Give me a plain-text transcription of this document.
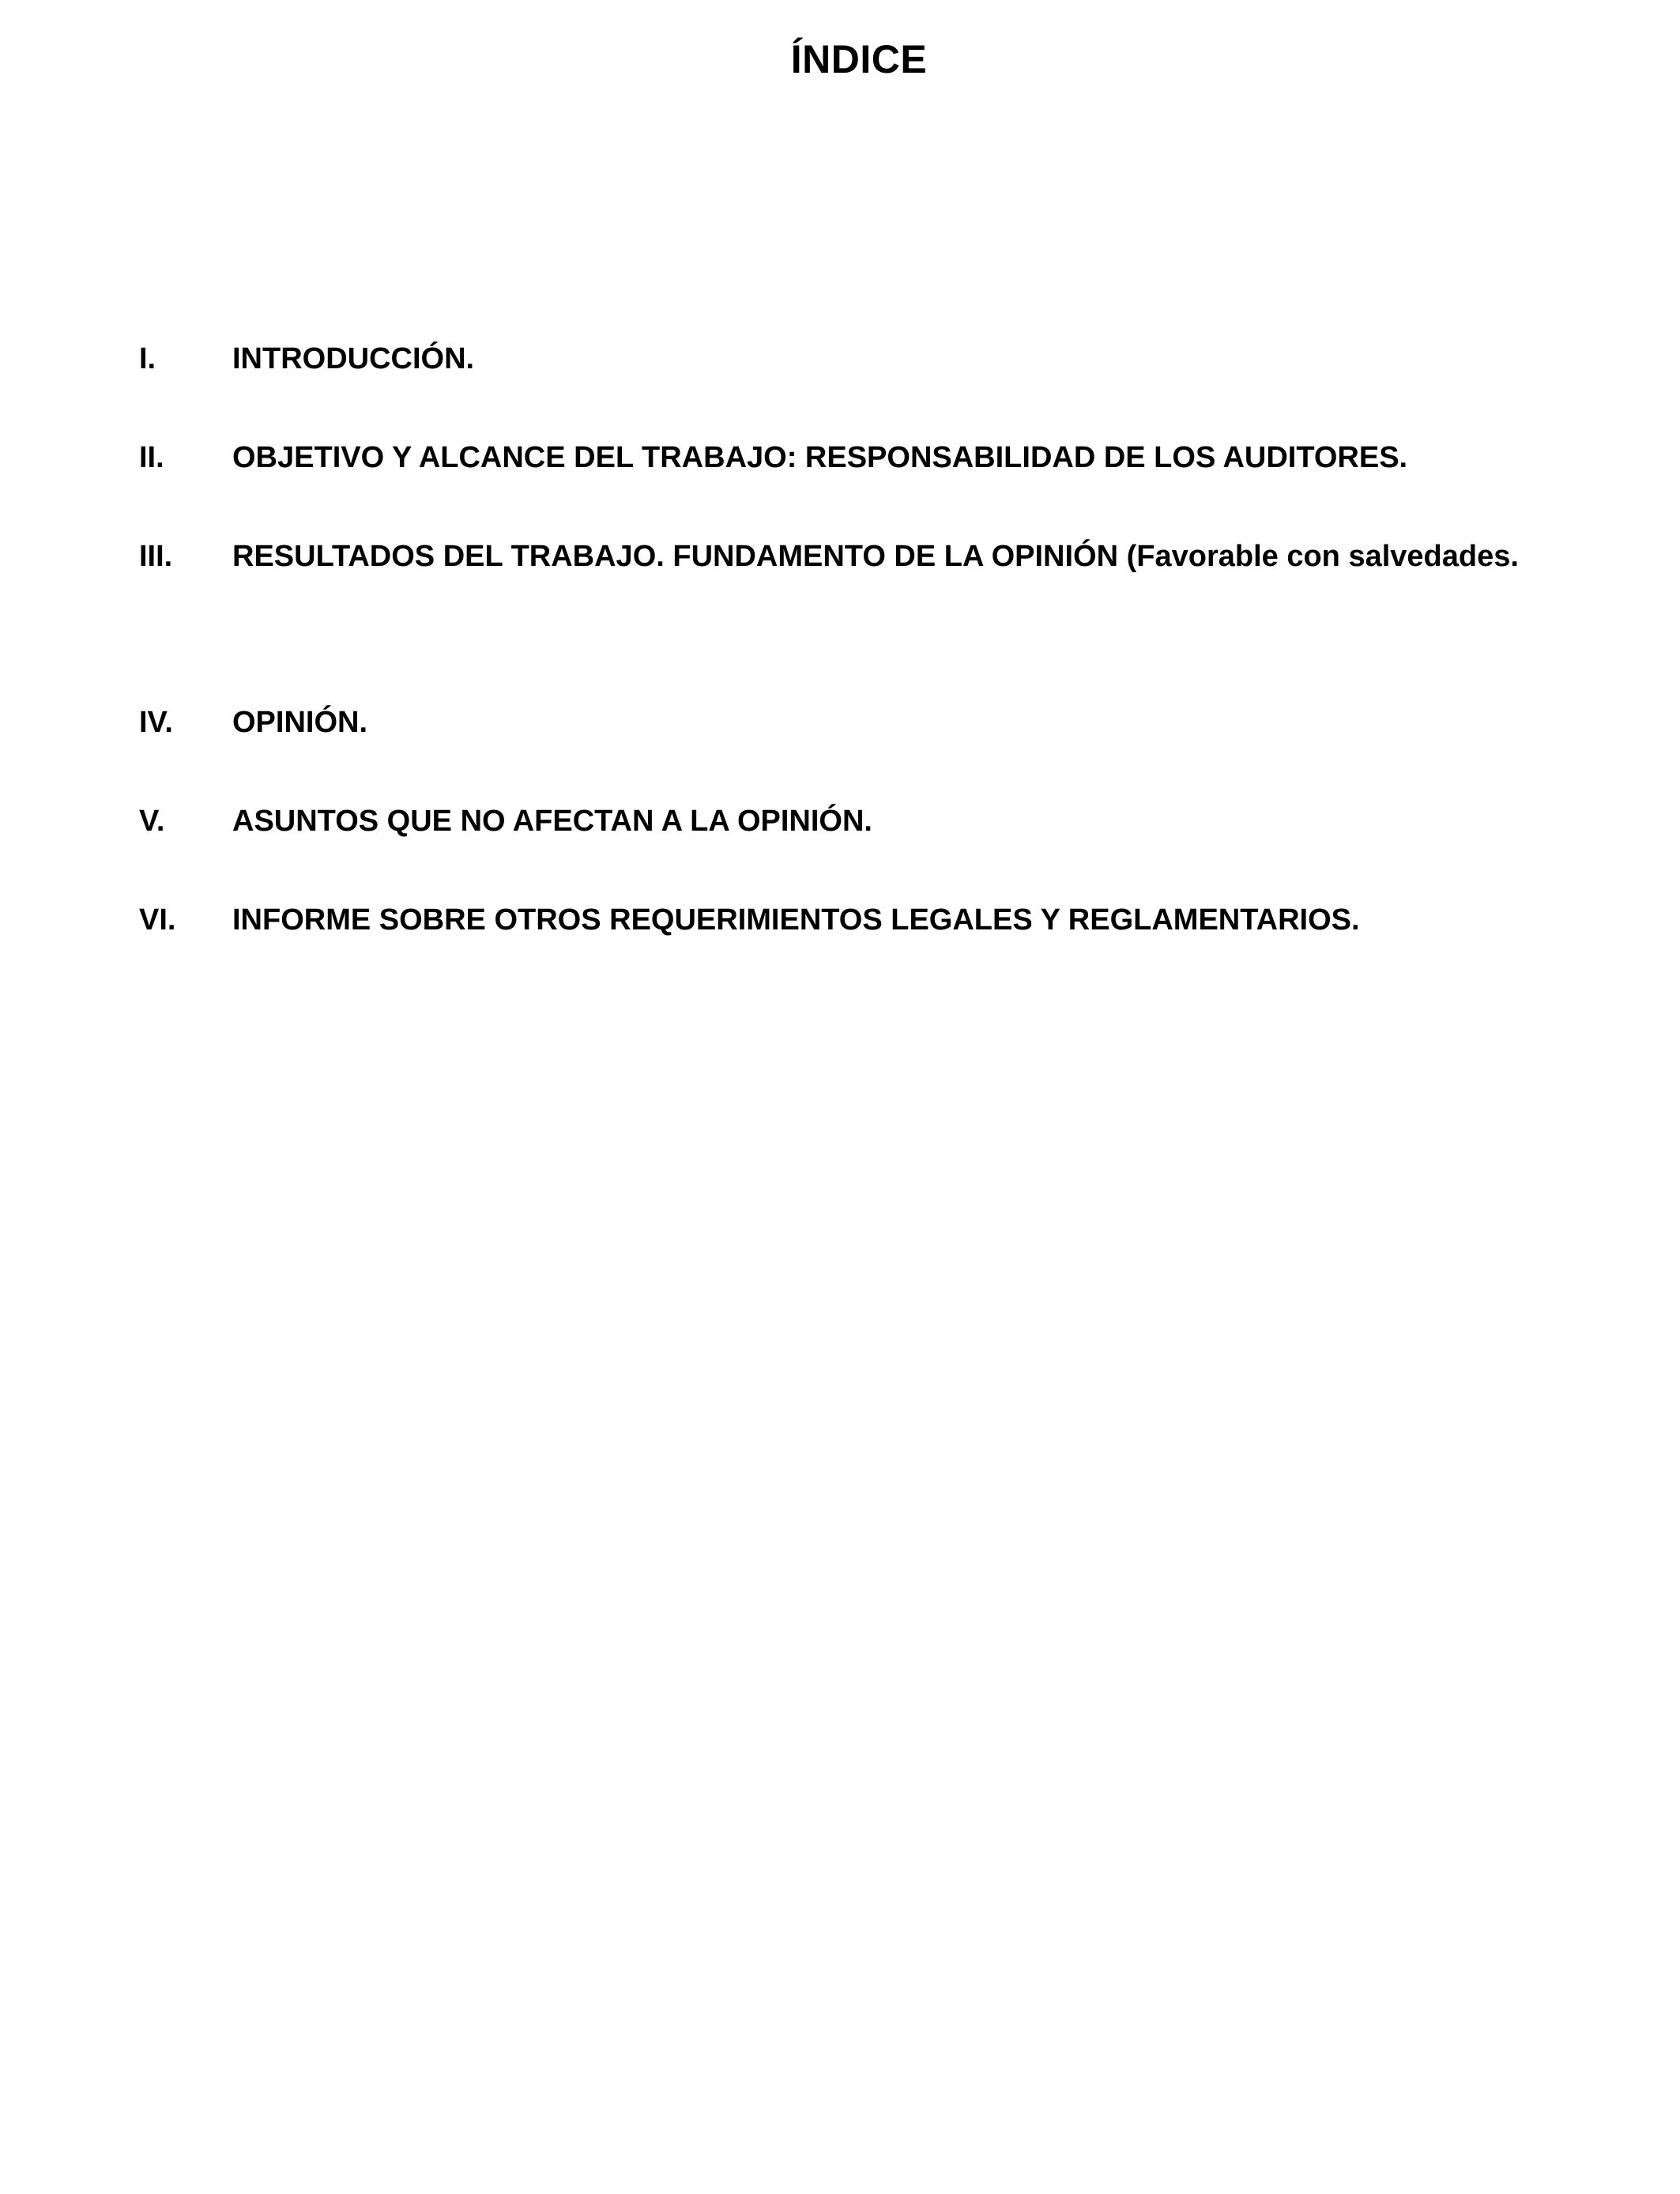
ÍNDICE
I.	INTRODUCCIÓN.
II.	OBJETIVO Y ALCANCE DEL TRABAJO: RESPONSABILIDAD DE LOS AUDITORES.
III.	RESULTADOS DEL TRABAJO. FUNDAMENTO DE LA OPINIÓN (Favorable con salvedades.
IV.	OPINIÓN.
V.	ASUNTOS QUE NO AFECTAN A LA OPINIÓN.
VI.	INFORME SOBRE OTROS REQUERIMIENTOS LEGALES Y REGLAMENTARIOS.
